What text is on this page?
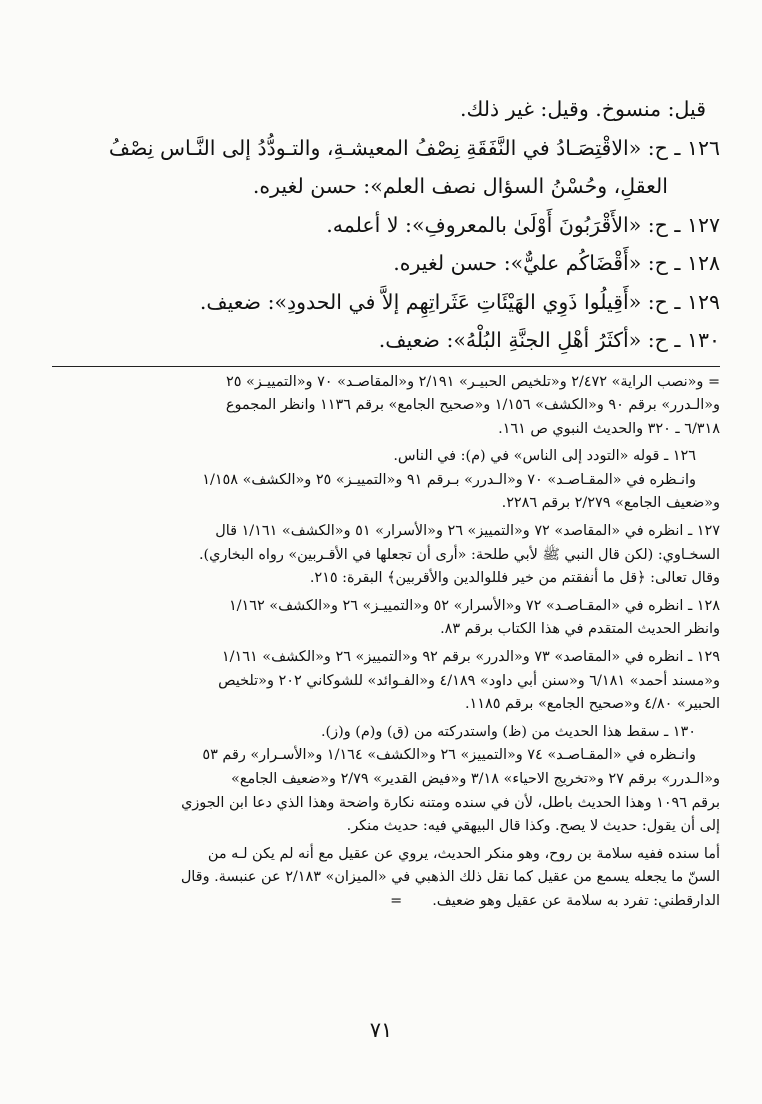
قيل: منسوخ. وقيل: غير ذلك.

١٢٦ ـ ح: «الاقْتِصَـادُ في النَّفَقَةِ نِصْفُ المعيشـةِ، والتـودُّدُ إلى النَّـاس نِصْفُ

العقلِ، وحُسْنُ السؤال نصف العلم»: حسن لغيره.

١٢٧ ـ ح: «الأَقْرَبُونَ أَوْلَىٰ بالمعروفِ»: لا أعلمه.

١٢٨ ـ ح: «أَقْضَاكُم عليٌّ»: حسن لغيره.

١٢٩ ـ ح: «أَقِيلُوا ذَوِي الهَيْئَاتِ عَثَراتِهِم إلاَّ في الحدودِ»: ضعيف.

١٣٠ ـ ح: «أكثَرُ أهْلِ الجنَّةِ البُلْهُ»: ضعيف.

= و«نصب الراية» ٢/٤٧٢ و«تلخيص الحبيـر» ٢/١٩١ و«المقاصـد» ٧٠ و«التمييـز» ٢٥

و«الـدرر» برقم ٩٠ و«الكشف» ١/١٥٦ و«صحيح الجامع» برقم ١١٣٦ وانظر المجموع

٦/٣١٨ ـ ٣٢٠ والحديث النبوي ص ١٦١.

١٢٦ ـ قوله «التودد إلى الناس» في (م): في الناس.

وانـظره في «المقـاصـد» ٧٠ و«الـدرر» بـرقم ٩١ و«التمييـز» ٢٥ و«الكشف» ١/١٥٨

و«ضعيف الجامع» ٢/٢٧٩ برقم ٢٢٨٦.

١٢٧ ـ انظره في «المقاصد» ٧٢ و«التمييز» ٢٦ و«الأسرار» ٥١ و«الكشف» ١/١٦١ قال

السخـاوي: (لكن قال النبي ﷺ لأبي طلحة: «أرى أن تجعلها في الأقـربين» رواه البخاري).

وقال تعالى: ﴿قل ما أنفقتم من خير فللوالدين والأقربين﴾ البقرة: ٢١٥.

١٢٨ ـ انظره في «المقـاصـد» ٧٢ و«الأسرار» ٥٢ و«التمييـز» ٢٦ و«الكشف» ١/١٦٢

وانظر الحديث المتقدم في هذا الكتاب برقم ٨٣.

١٢٩ ـ انظره في «المقاصد» ٧٣ و«الدرر» برقم ٩٢ و«التمييز» ٢٦ و«الكشف» ١/١٦١

و«مسند أحمد» ٦/١٨١ و«سنن أبي داود» ٤/١٨٩ و«الفـوائد» للشوكاني ٢٠٢ و«تلخيص

الحبير» ٤/٨٠ و«صحيح الجامع» برقم ١١٨٥.

١٣٠ ـ سقط هذا الحديث من (ظ) واستدركته من (ق) و(م) و(ز).

وانـظره في «المقـاصـد» ٧٤ و«التمييز» ٢٦ و«الكشف» ١/١٦٤ و«الأسـرار» رقم ٥٣

و«الـدرر» برقم ٢٧ و«تخريج الاحياء» ٣/١٨ و«فيض القدير» ٢/٧٩ و«ضعيف الجامع»

برقم ١٠٩٦ وهذا الحديث باطل، لأن في سنده ومتنه نكارة واضحة وهذا الذي دعا ابن الجوزي

إلى أن يقول: حديث لا يصح. وكذا قال البيهقي فيه: حديث منكر.

أما سنده ففيه سلامة بن روح، وهو منكر الحديث، يروي عن عقيل مع أنه لم يكن لـه من

السنّ ما يجعله يسمع من عقيل كما نقل ذلك الذهبي في «الميزان» ٢/١٨٣ عن عنبسة. وقال

الدارقطني: تفرد به سلامة عن عقيل وهو ضعيف.=

٧١
